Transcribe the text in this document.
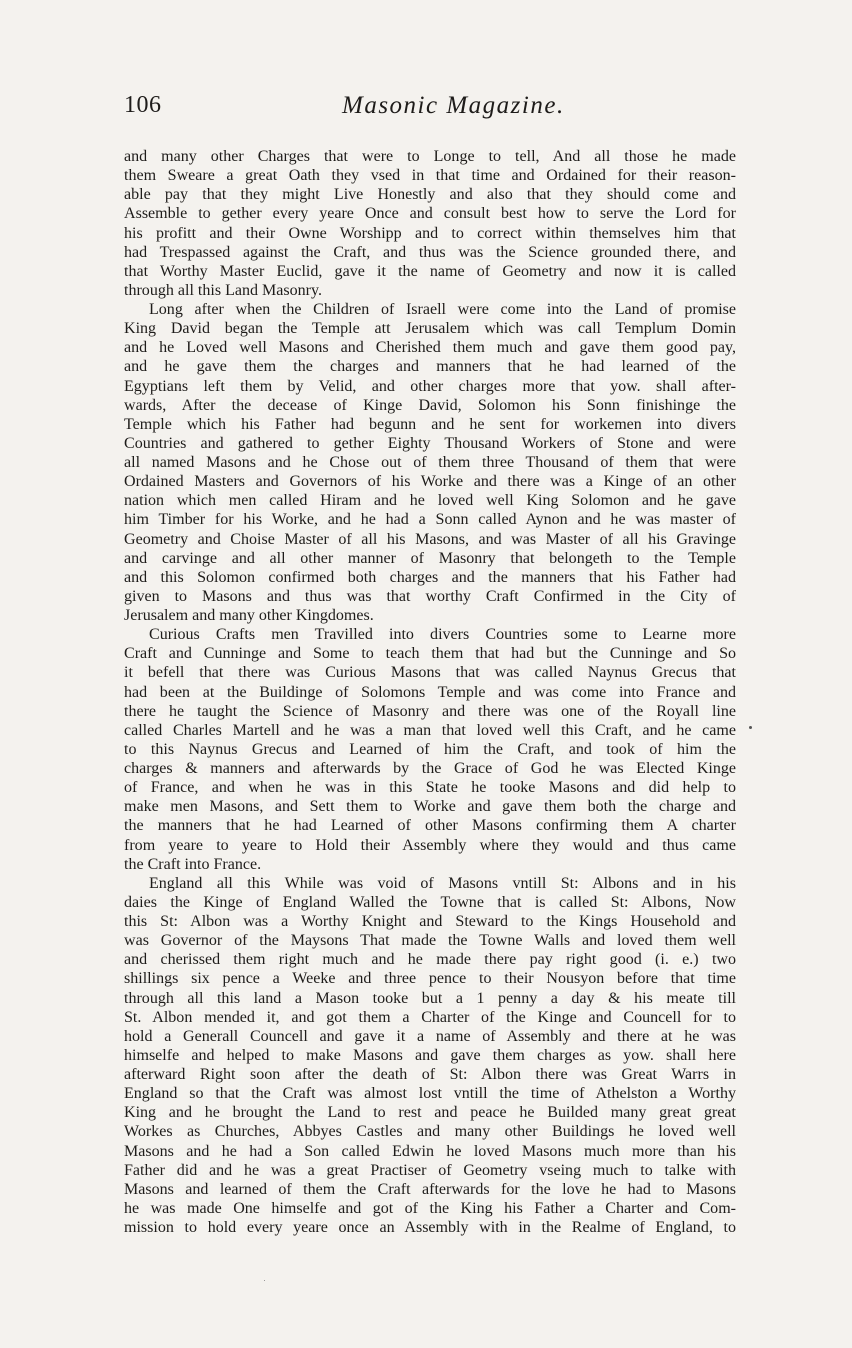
106	Masonic Magazine.
and many other Charges that were to Longe to tell, And all those he made
them Sweare a great Oath they vsed in that time and Ordained for their reason-
able pay that they might Live Honestly and also that they should come and
Assemble to gether every yeare Once and consult best how to serve the Lord for
his profitt and their Owne Worshipp and to correct within themselves him that
had Trespassed against the Craft, and thus was the Science grounded there, and
that Worthy Master Euclid, gave it the name of Geometry and now it is called
through all this Land Masonry.
Long after when the Children of Israell were come into the Land of promise
King David began the Temple att Jerusalem which was call Templum Domin
and he Loved well Masons and Cherished them much and gave them good pay,
and he gave them the charges and manners that he had learned of the
Egyptians left them by Velid, and other charges more that yow. shall after-
wards, After the decease of Kinge David, Solomon his Sonn finishinge the
Temple which his Father had begunn and he sent for workemen into divers
Countries and gathered to gether Eighty Thousand Workers of Stone and were
all named Masons and he Chose out of them three Thousand of them that were
Ordained Masters and Governors of his Worke and there was a Kinge of an other
nation which men called Hiram and he loved well King Solomon and he gave
him Timber for his Worke, and he had a Sonn called Aynon and he was master of
Geometry and Choise Master of all his Masons, and was Master of all his Gravinge
and carvinge and all other manner of Masonry that belongeth to the Temple
and this Solomon confirmed both charges and the manners that his Father had
given to Masons and thus was that worthy Craft Confirmed in the City of
Jerusalem and many other Kingdomes.
Curious Crafts men Travilled into divers Countries some to Learne more
Craft and Cunninge and Some to teach them that had but the Cunninge and So
it befell that there was Curious Masons that was called Naynus Grecus that
had been at the Buildinge of Solomons Temple and was come into France and
there he taught the Science of Masonry and there was one of the Royall line
called Charles Martell and he was a man that loved well this Craft, and he came
to this Naynus Grecus and Learned of him the Craft, and took of him the
charges & manners and afterwards by the Grace of God he was Elected Kinge
of France, and when he was in this State he tooke Masons and did help to
make men Masons, and Sett them to Worke and gave them both the charge and
the manners that he had Learned of other Masons confirming them A charter
from yeare to yeare to Hold their Assembly where they would and thus came
the Craft into France.
England all this While was void of Masons vntill St: Albons and in his
daies the Kinge of England Walled the Towne that is called St: Albons, Now
this St: Albon was a Worthy Knight and Steward to the Kings Household and
was Governor of the Maysons That made the Towne Walls and loved them well
and cherissed them right much and he made there pay right good (i. e.) two
shillings six pence a Weeke and three pence to their Nousyon before that time
through all this land a Mason tooke but a 1 penny a day & his meate till
St. Albon mended it, and got them a Charter of the Kinge and Councell for to
hold a Generall Councell and gave it a name of Assembly and there at he was
himselfe and helped to make Masons and gave them charges as yow. shall here
afterward Right soon after the death of St: Albon there was Great Warrs in
England so that the Craft was almost lost vntill the time of Athelston a Worthy
King and he brought the Land to rest and peace he Builded many great great
Workes as Churches, Abbyes Castles and many other Buildings he loved well
Masons and he had a Son called Edwin he loved Masons much more than his
Father did and he was a great Practiser of Geometry vseing much to talke with
Masons and learned of them the Craft afterwards for the love he had to Masons
he was made One himselfe and got of the King his Father a Charter and Com-
mission to hold every yeare once an Assembly with in the Realme of England, to
